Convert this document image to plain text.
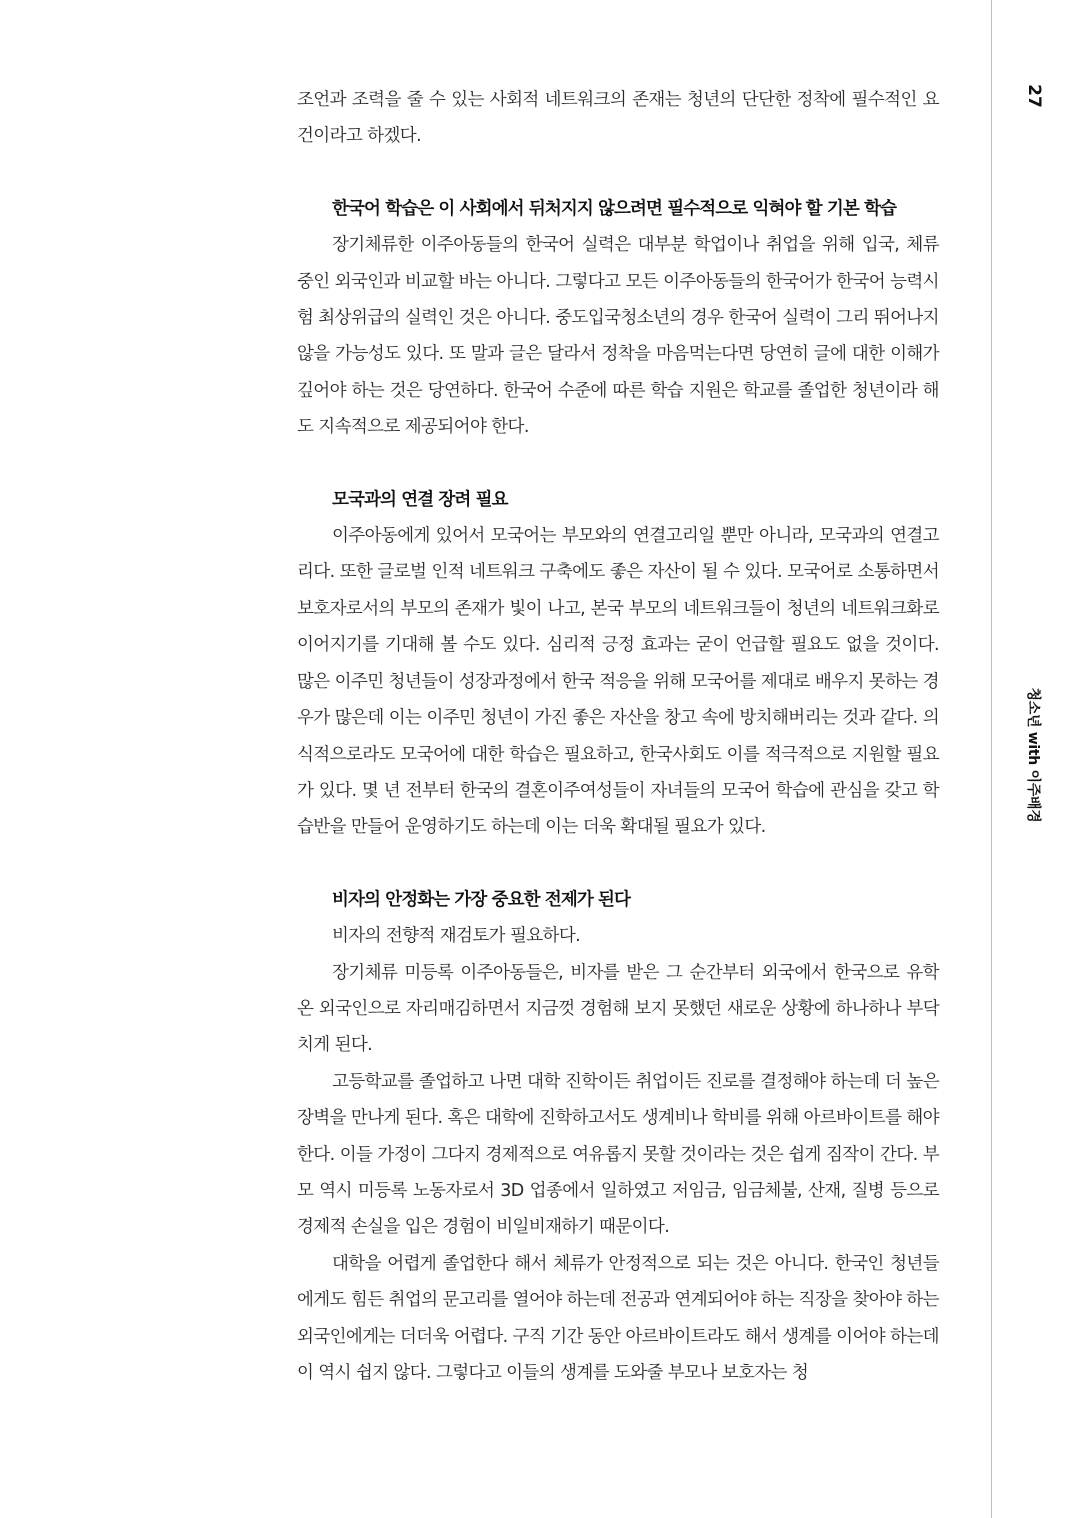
27
청소년 with 이주배경

조언과 조력을 줄 수 있는 사회적 네트워크의 존재는 청년의 단단한 정착에 필수적인 요건이라고 하겠다.

한국어 학습은 이 사회에서 뒤처지지 않으려면 필수적으로 익혀야 할 기본 학습

장기체류한 이주아동들의 한국어 실력은 대부분 학업이나 취업을 위해 입국, 체류 중인 외국인과 비교할 바는 아니다. 그렇다고 모든 이주아동들의 한국어가 한국어 능력시험 최상위급의 실력인 것은 아니다. 중도입국청소년의 경우 한국어 실력이 그리 뛰어나지 않을 가능성도 있다. 또 말과 글은 달라서 정착을 마음먹는다면 당연히 글에 대한 이해가 깊어야 하는 것은 당연하다. 한국어 수준에 따른 학습 지원은 학교를 졸업한 청년이라 해도 지속적으로 제공되어야 한다.

모국과의 연결 장려 필요

이주아동에게 있어서 모국어는 부모와의 연결고리일 뿐만 아니라, 모국과의 연결고리다. 또한 글로벌 인적 네트워크 구축에도 좋은 자산이 될 수 있다. 모국어로 소통하면서 보호자로서의 부모의 존재가 빛이 나고, 본국 부모의 네트워크들이 청년의 네트워크화로 이어지기를 기대해 볼 수도 있다. 심리적 긍정 효과는 굳이 언급할 필요도 없을 것이다. 많은 이주민 청년들이 성장과정에서 한국 적응을 위해 모국어를 제대로 배우지 못하는 경우가 많은데 이는 이주민 청년이 가진 좋은 자산을 창고 속에 방치해버리는 것과 같다. 의식적으로라도 모국어에 대한 학습은 필요하고, 한국사회도 이를 적극적으로 지원할 필요가 있다. 몇 년 전부터 한국의 결혼이주여성들이 자녀들의 모국어 학습에 관심을 갖고 학습반을 만들어 운영하기도 하는데 이는 더욱 확대될 필요가 있다.

비자의 안정화는 가장 중요한 전제가 된다

비자의 전향적 재검토가 필요하다.

장기체류 미등록 이주아동들은, 비자를 받은 그 순간부터 외국에서 한국으로 유학 온 외국인으로 자리매김하면서 지금껏 경험해 보지 못했던 새로운 상황에 하나하나 부닥치게 된다.

고등학교를 졸업하고 나면 대학 진학이든 취업이든 진로를 결정해야 하는데 더 높은 장벽을 만나게 된다. 혹은 대학에 진학하고서도 생계비나 학비를 위해 아르바이트를 해야 한다. 이들 가정이 그다지 경제적으로 여유롭지 못할 것이라는 것은 쉽게 짐작이 간다. 부모 역시 미등록 노동자로서 3D 업종에서 일하였고 저임금, 임금체불, 산재, 질병 등으로 경제적 손실을 입은 경험이 비일비재하기 때문이다.

대학을 어렵게 졸업한다 해서 체류가 안정적으로 되는 것은 아니다. 한국인 청년들에게도 힘든 취업의 문고리를 열어야 하는데 전공과 연계되어야 하는 직장을 찾아야 하는 외국인에게는 더더욱 어렵다. 구직 기간 동안 아르바이트라도 해서 생계를 이어야 하는데 이 역시 쉽지 않다. 그렇다고 이들의 생계를 도와줄 부모나 보호자는 청
